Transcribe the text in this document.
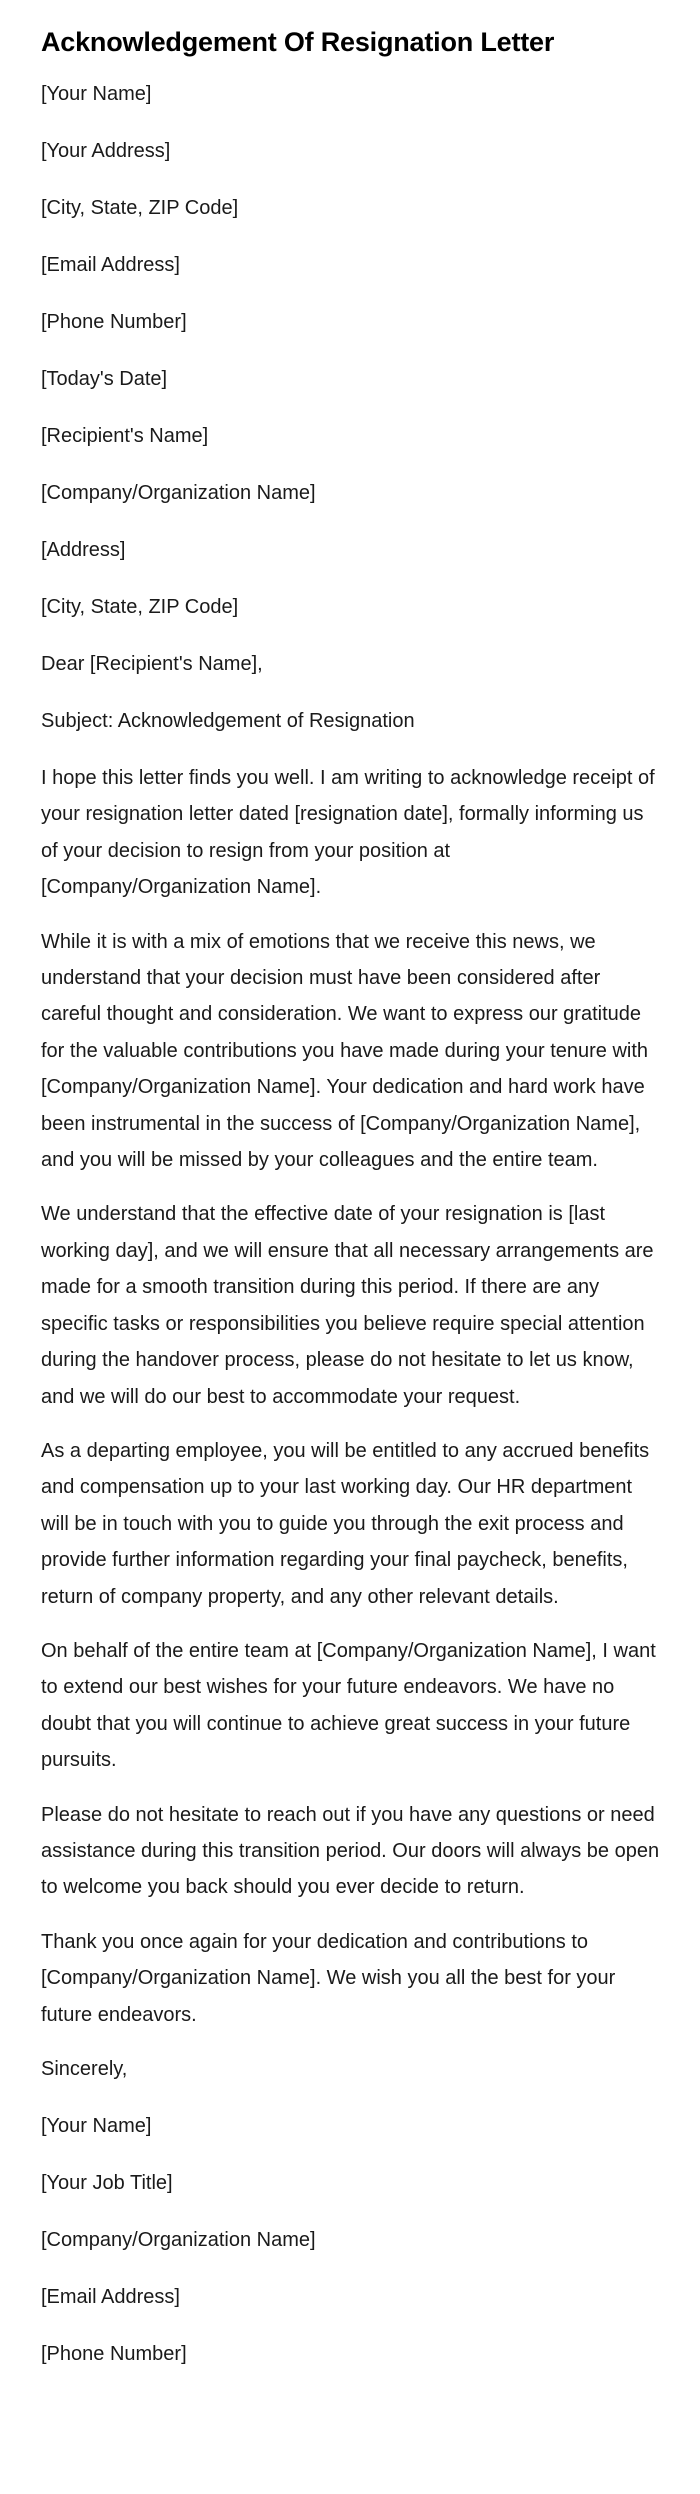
Acknowledgement Of Resignation Letter
[Your Name]
[Your Address]
[City, State, ZIP Code]
[Email Address]
[Phone Number]
[Today's Date]
[Recipient's Name]
[Company/Organization Name]
[Address]
[City, State, ZIP Code]
Dear [Recipient's Name],
Subject: Acknowledgement of Resignation

I hope this letter finds you well. I am writing to acknowledge receipt of your resignation letter dated [resignation date], formally informing us of your decision to resign from your position at [Company/Organization Name].

While it is with a mix of emotions that we receive this news, we understand that your decision must have been considered after careful thought and consideration. We want to express our gratitude for the valuable contributions you have made during your tenure with [Company/Organization Name]. Your dedication and hard work have been instrumental in the success of [Company/Organization Name], and you will be missed by your colleagues and the entire team.

We understand that the effective date of your resignation is [last working day], and we will ensure that all necessary arrangements are made for a smooth transition during this period. If there are any specific tasks or responsibilities you believe require special attention during the handover process, please do not hesitate to let us know, and we will do our best to accommodate your request.

As a departing employee, you will be entitled to any accrued benefits and compensation up to your last working day. Our HR department will be in touch with you to guide you through the exit process and provide further information regarding your final paycheck, benefits, return of company property, and any other relevant details.

On behalf of the entire team at [Company/Organization Name], I want to extend our best wishes for your future endeavors. We have no doubt that you will continue to achieve great success in your future pursuits.

Please do not hesitate to reach out if you have any questions or need assistance during this transition period. Our doors will always be open to welcome you back should you ever decide to return.

Thank you once again for your dedication and contributions to [Company/Organization Name]. We wish you all the best for your future endeavors.

Sincerely,
[Your Name]
[Your Job Title]
[Company/Organization Name]
[Email Address]
[Phone Number]
